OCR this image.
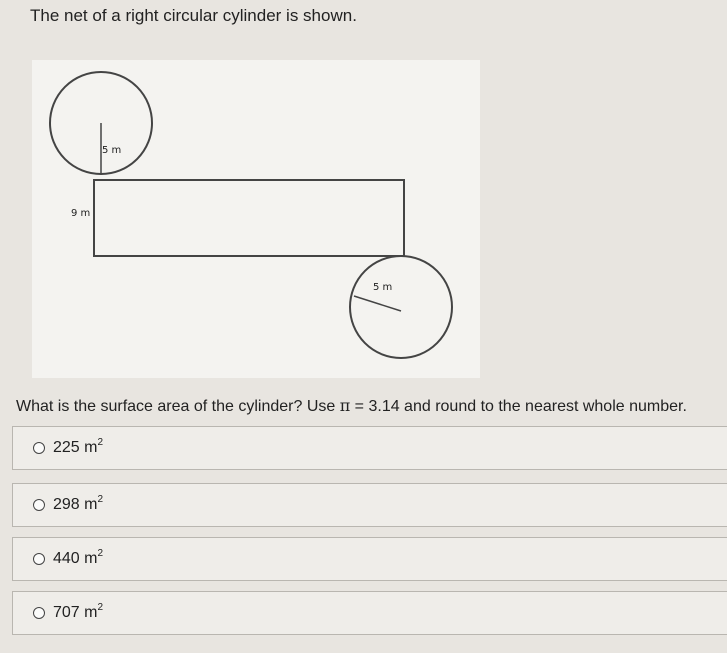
The net of a right circular cylinder is shown.
5 m
9 m
5 m
What is the surface area of the cylinder? Use π = 3.14 and round to the nearest whole number.
225 $m^2$
298 $m^2$
440 $m^2$
707 $m^2$
